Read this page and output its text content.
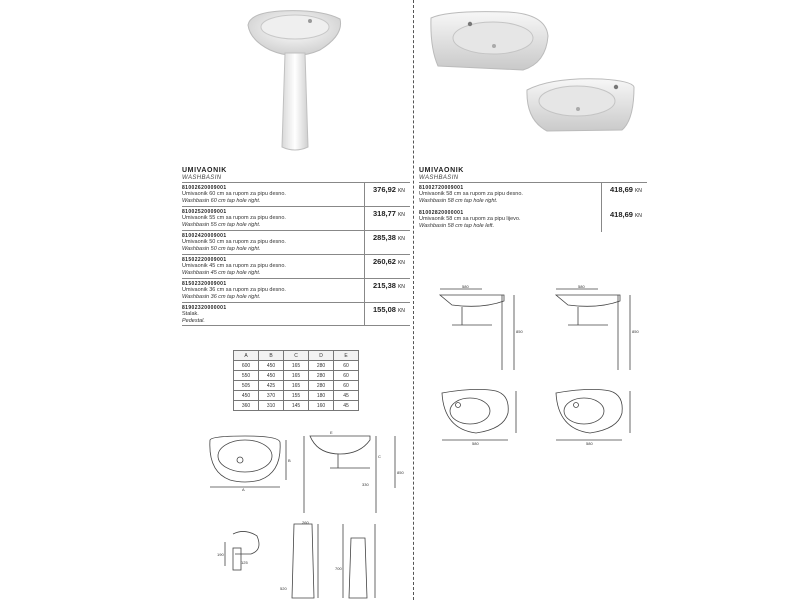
UMIVAONIK
WASHBASIN
81002620009001
Umivaonik 60 cm sa rupom za pipu desno.
Washbasin 60 cm tap hole right.
376,92 KN
81002520009001
Umivaonik 55 cm sa rupom za pipu desno.
Washbasin 55 cm tap hole right.
318,77 KN
81002420009001
Umivaonik 50 cm sa rupom za pipu desno.
Washbasin 50 cm tap hole right.
285,38 KN
81502220009001
Umivaonik 45 cm sa rupom za pipu desno.
Washbasin 45 cm tap hole right.
260,62 KN
81502320009001
Umivaonik 36 cm sa rupom za pipu desno.
Washbasin 36 cm tap hole right.
215,38 KN
81902320000001
Stalak.
Pedestal.
155,08 KN
UMIVAONIK
WASHBASIN
81002720009001
Umivaonik 58 cm sa rupom za pipu desno.
Washbasin 58 cm tap hole right.
418,69 KN
81002820000001
Umivaonik 58 cm sa rupom za pipu lijevo.
Washbasin 58 cm tap hole left.
418,69 KN
A	B	C	D	E
600	450	165	280	60
550	450	165	280	60
505	425	165	280	60
450	370	155	180	45
360	310	145	160	45
A
B
C
850
330
E
190
125
520
260
700
580
850
580
850
580	580
